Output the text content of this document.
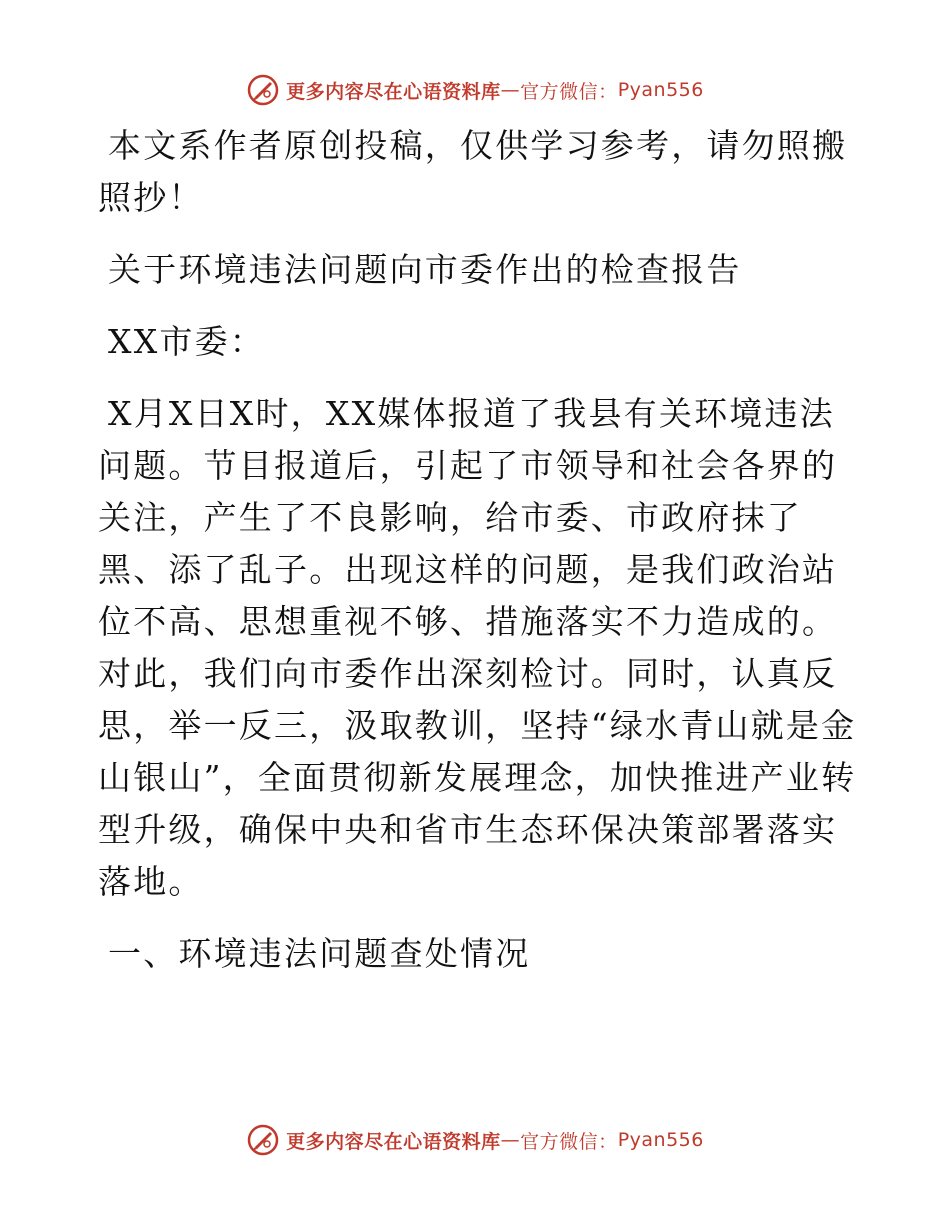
更多内容尽在心语资料库 — 官方微信： Pyan556

本文系作者原创投稿，仅供学习参考，请勿照搬照抄！

关于环境违法问题向市委作出的检查报告

XX市委：

X月X日X时，XX媒体报道了我县有关环境违法问题。节目报道后，引起了市领导和社会各界的关注，产生了不良影响，给市委、市政府抹了黑、添了乱子。出现这样的问题，是我们政治站位不高、思想重视不够、措施落实不力造成的。对此，我们向市委作出深刻检讨。同时，认真反思，举一反三，汲取教训，坚持“绿水青山就是金山银山”，全面贯彻新发展理念，加快推进产业转型升级，确保中央和省市生态环保决策部署落实落地。

一、环境违法问题查处情况

更多内容尽在心语资料库 — 官方微信： Pyan556
